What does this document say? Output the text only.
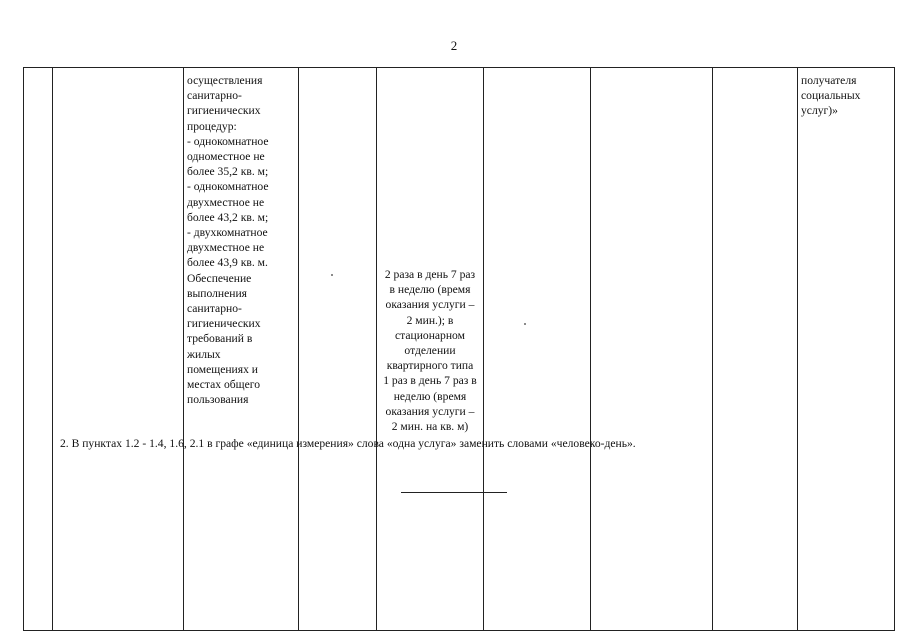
2

осуществления
санитарно-
гигиенических
процедур:
- однокомнатное
одноместное не
более 35,2 кв. м;
- однокомнатное
двухместное не
более 43,2 кв. м;
- двухкомнатное
двухместное не
более 43,9 кв. м.
Обеспечение
выполнения
санитарно-
гигиенических
требований в
жилых
помещениях и
местах общего
пользования

2 раза в день 7 раз
в неделю (время
оказания услуги –
2 мин.); в
стационарном
отделении
квартирного типа
1 раз в день 7 раз в
неделю (время
оказания услуги –
2 мин. на кв. м)

получателя
социальных
услуг)»
2. В пунктах 1.2 - 1.4, 1.6, 2.1 в графе «единица измерения» слова «одна услуга» заменить словами «человеко-день».
